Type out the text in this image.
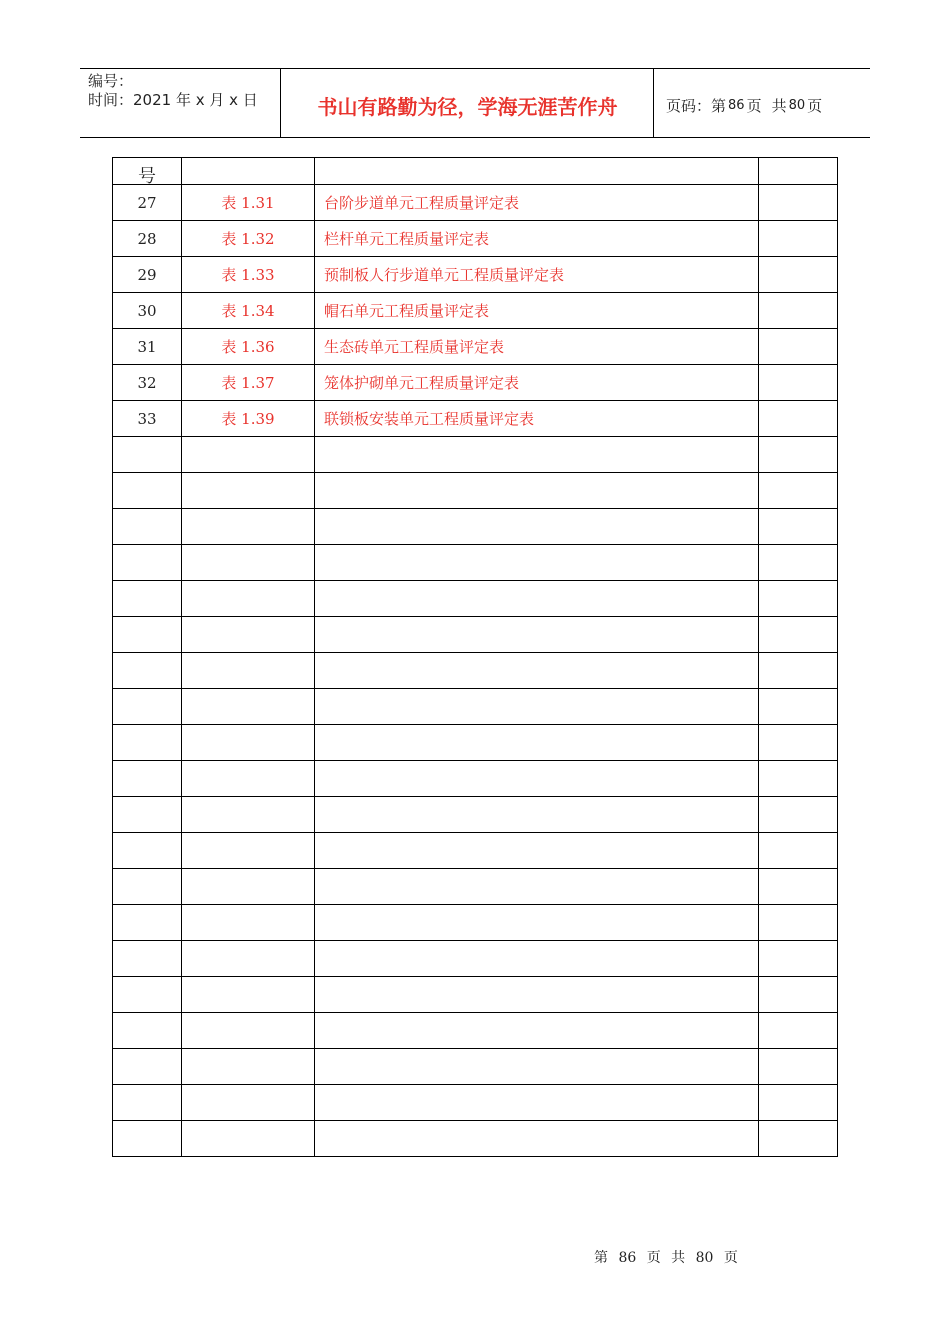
编号：
时间：2021 年 x 月 x 日	书山有路勤为径，学海无涯苦作舟	页码：第 86 页 共 80 页
号			
27	表 1.31	台阶步道单元工程质量评定表	
28	表 1.32	栏杆单元工程质量评定表	
29	表 1.33	预制板人行步道单元工程质量评定表	
30	表 1.34	帽石单元工程质量评定表	
31	表 1.36	生态砖单元工程质量评定表	
32	表 1.37	笼体护砌单元工程质量评定表	
33	表 1.39	联锁板安装单元工程质量评定表	

第 86 页 共 80 页
